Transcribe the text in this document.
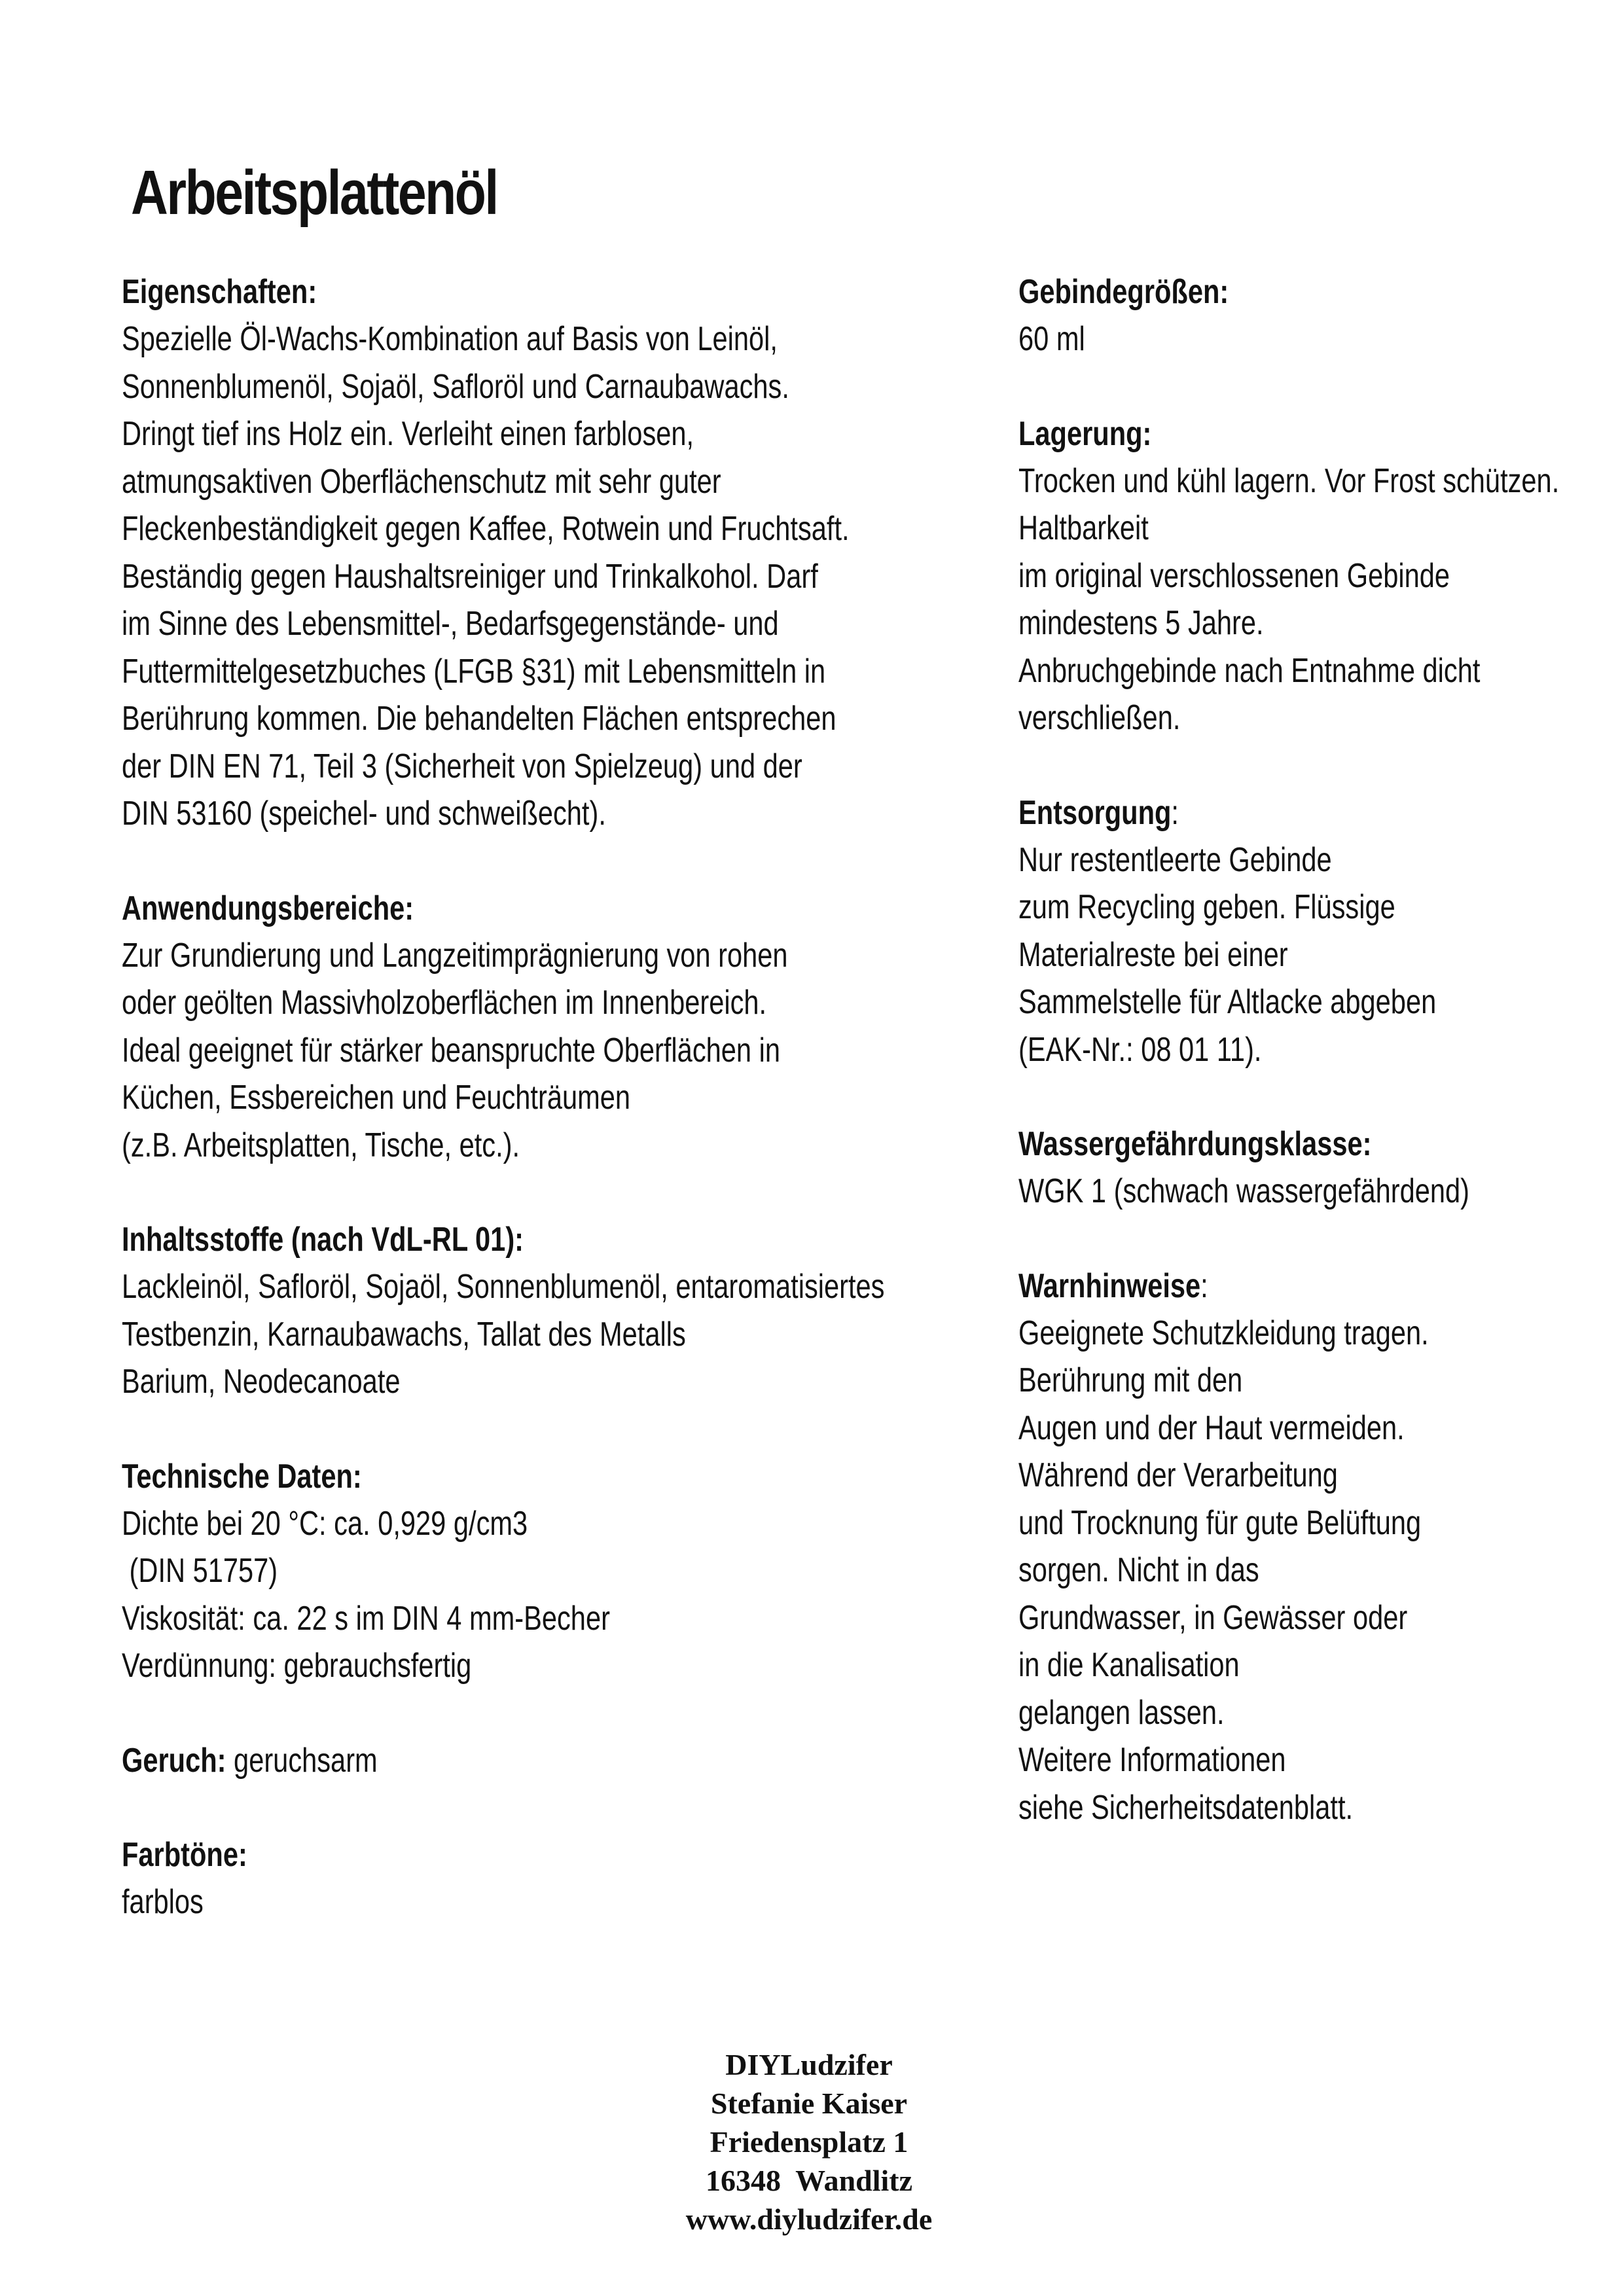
Arbeitsplattenöl
Eigenschaften:
Spezielle Öl-Wachs-Kombination auf Basis von Leinöl,
Sonnenblumenöl, Sojaöl, Safloröl und Carnaubawachs.
Dringt tief ins Holz ein. Verleiht einen farblosen,
atmungsaktiven Oberflächenschutz mit sehr guter
Fleckenbeständigkeit gegen Kaffee, Rotwein und Fruchtsaft.
Beständig gegen Haushaltsreiniger und Trinkalkohol. Darf
im Sinne des Lebensmittel-, Bedarfsgegenstände- und
Futtermittelgesetzbuches (LFGB §31) mit Lebensmitteln in
Berührung kommen. Die behandelten Flächen entsprechen
der DIN EN 71, Teil 3 (Sicherheit von Spielzeug) und der
DIN 53160 (speichel- und schweißecht).
Anwendungsbereiche:
Zur Grundierung und Langzeitimprägnierung von rohen
oder geölten Massivholzoberflächen im Innenbereich.
Ideal geeignet für stärker beanspruchte Oberflächen in
Küchen, Essbereichen und Feuchträumen
(z.B. Arbeitsplatten, Tische, etc.).
Inhaltsstoffe (nach VdL-RL 01):
Lackleinöl, Safloröl, Sojaöl, Sonnenblumenöl, entaromatisiertes
Testbenzin, Karnaubawachs, Tallat des Metalls
Barium, Neodecanoate
Technische Daten:
Dichte bei 20 °C: ca. 0,929 g/cm3
(DIN 51757)
Viskosität: ca. 22 s im DIN 4 mm-Becher
Verdünnung: gebrauchsfertig
Geruch: geruchsarm
Farbtöne:
farblos
Gebindegrößen:
60 ml
Lagerung:
Trocken und kühl lagern. Vor Frost schützen.
Haltbarkeit
im original verschlossenen Gebinde
mindestens 5 Jahre.
Anbruchgebinde nach Entnahme dicht
verschließen.
Entsorgung:
Nur restentleerte Gebinde
zum Recycling geben. Flüssige
Materialreste bei einer
Sammelstelle für Altlacke abgeben
(EAK-Nr.: 08 01 11).
Wassergefährdungsklasse:
WGK 1 (schwach wassergefährdend)
Warnhinweise:
Geeignete Schutzkleidung tragen.
Berührung mit den
Augen und der Haut vermeiden.
Während der Verarbeitung
und Trocknung für gute Belüftung
sorgen. Nicht in das
Grundwasser, in Gewässer oder
in die Kanalisation
gelangen lassen.
Weitere Informationen
siehe Sicherheitsdatenblatt.
DIYLudzifer
Stefanie Kaiser
Friedensplatz 1
16348  Wandlitz
www.diyludzifer.de
